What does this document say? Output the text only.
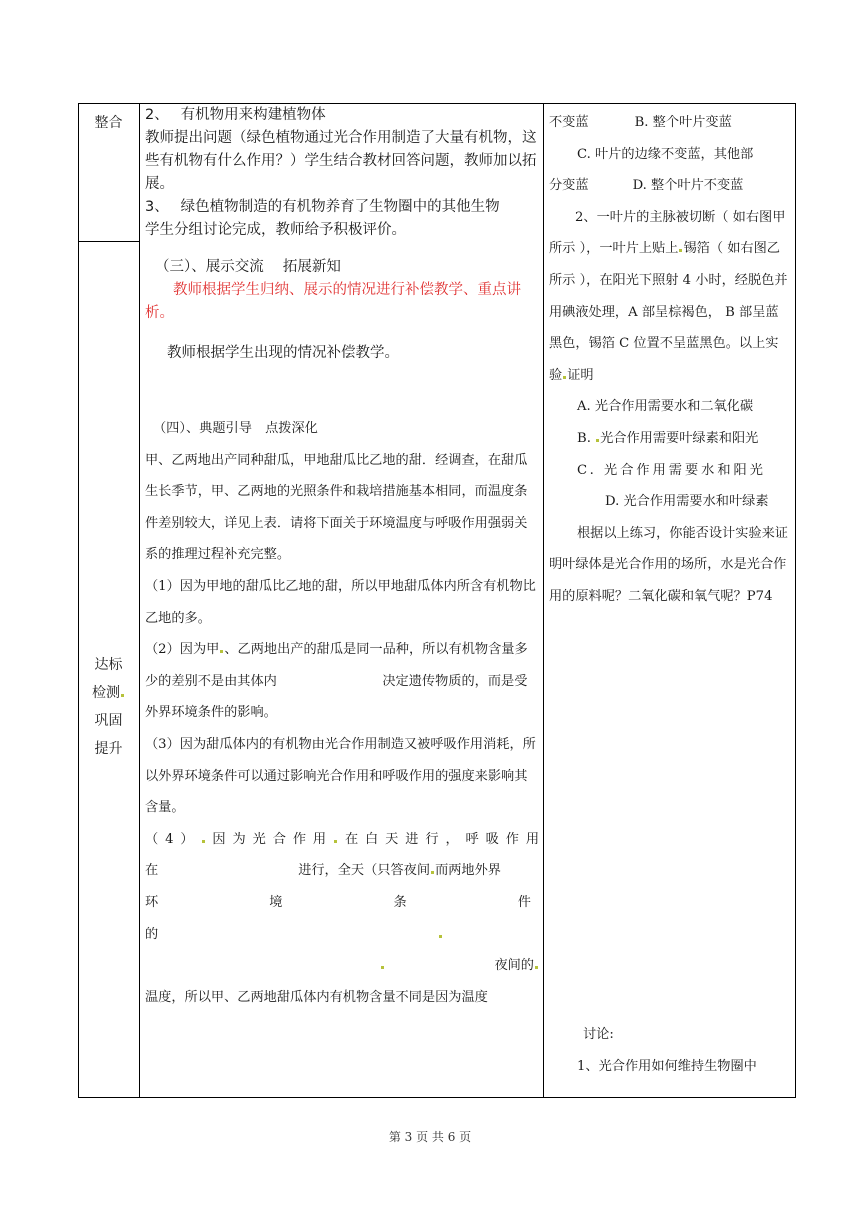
整合
达标
检测
巩固
提升
2、　 有机物用来构建植物体
教师提出问题（绿色植物通过光合作用制造了大量有机物，这些有机物有什么作用？）学生结合教材回答问题，教师加以拓展。
3、　 绿色植物制造的有机物养育了生物圈中的其他生物
学生分组讨论完成，教师给予积极评价。
（三）、展示交流　 拓展新知
教师根据学生归纳、展示的情况进行补偿教学、重点讲析。
教师根据学生出现的情况补偿教学。

（四）、典题引导　点拨深化

甲、乙两地出产同种甜瓜，甲地甜瓜比乙地的甜．经调查，在甜瓜生长季节，甲、乙两地的光照条件和栽培措施基本相同，而温度条件差别较大，详见上表．请将下面关于环境温度与呼吸作用强弱关系的推理过程补充完整。

（1）因为甲地的甜瓜比乙地的甜，所以甲地甜瓜体内所含有机物比乙地的多。

（2）因为甲 、乙两地出产的甜瓜是同一品种，所以有机物含量多少的差别不是由其体内　　　　　　　　	决定遗传物质的，而是受外界环境条件的影响。

（3）因为甜瓜体内的有机物由光合作用制造又被呼吸作用消耗，所以外界环境条件可以通过影响光合作用和呼吸作用的强度来影响其含量。

（4） 因为光合作用 在白天进行，呼吸作用

在	进行，全天（只答夜间 而两地外界

环境条件

的

夜间的

温度，所以甲、乙两地甜瓜体内有机物含量不同是因为温度

不变蓝	B. 整个叶片变蓝

C. 叶片的边缘不变蓝，其他部

分变蓝	D. 整个叶片不变蓝

2、一叶片的主脉被切断（ 如右图甲所示 ），一叶片上贴上 锡箔（ 如右图乙所示 ），在阳光下照射 4 小时，经脱色并用碘液处理，A 部呈棕褐色， B 部呈蓝黑色，锡箔 C 位置不呈蓝黑色。以上实验 证明

A. 光合作用需要水和二氧化碳

B. 光合作用需要叶绿素和阳光

C. 光合作用需要水和阳光

D. 光合作用需要水和叶绿素

根据以上练习，你能否设计实验来证明叶绿体是光合作用的场所，水是光合作用的原料呢？二氧化碳和氧气呢？P74

讨论:

1、光合作用如何维持生物圈中

第 3 页 共 6 页
